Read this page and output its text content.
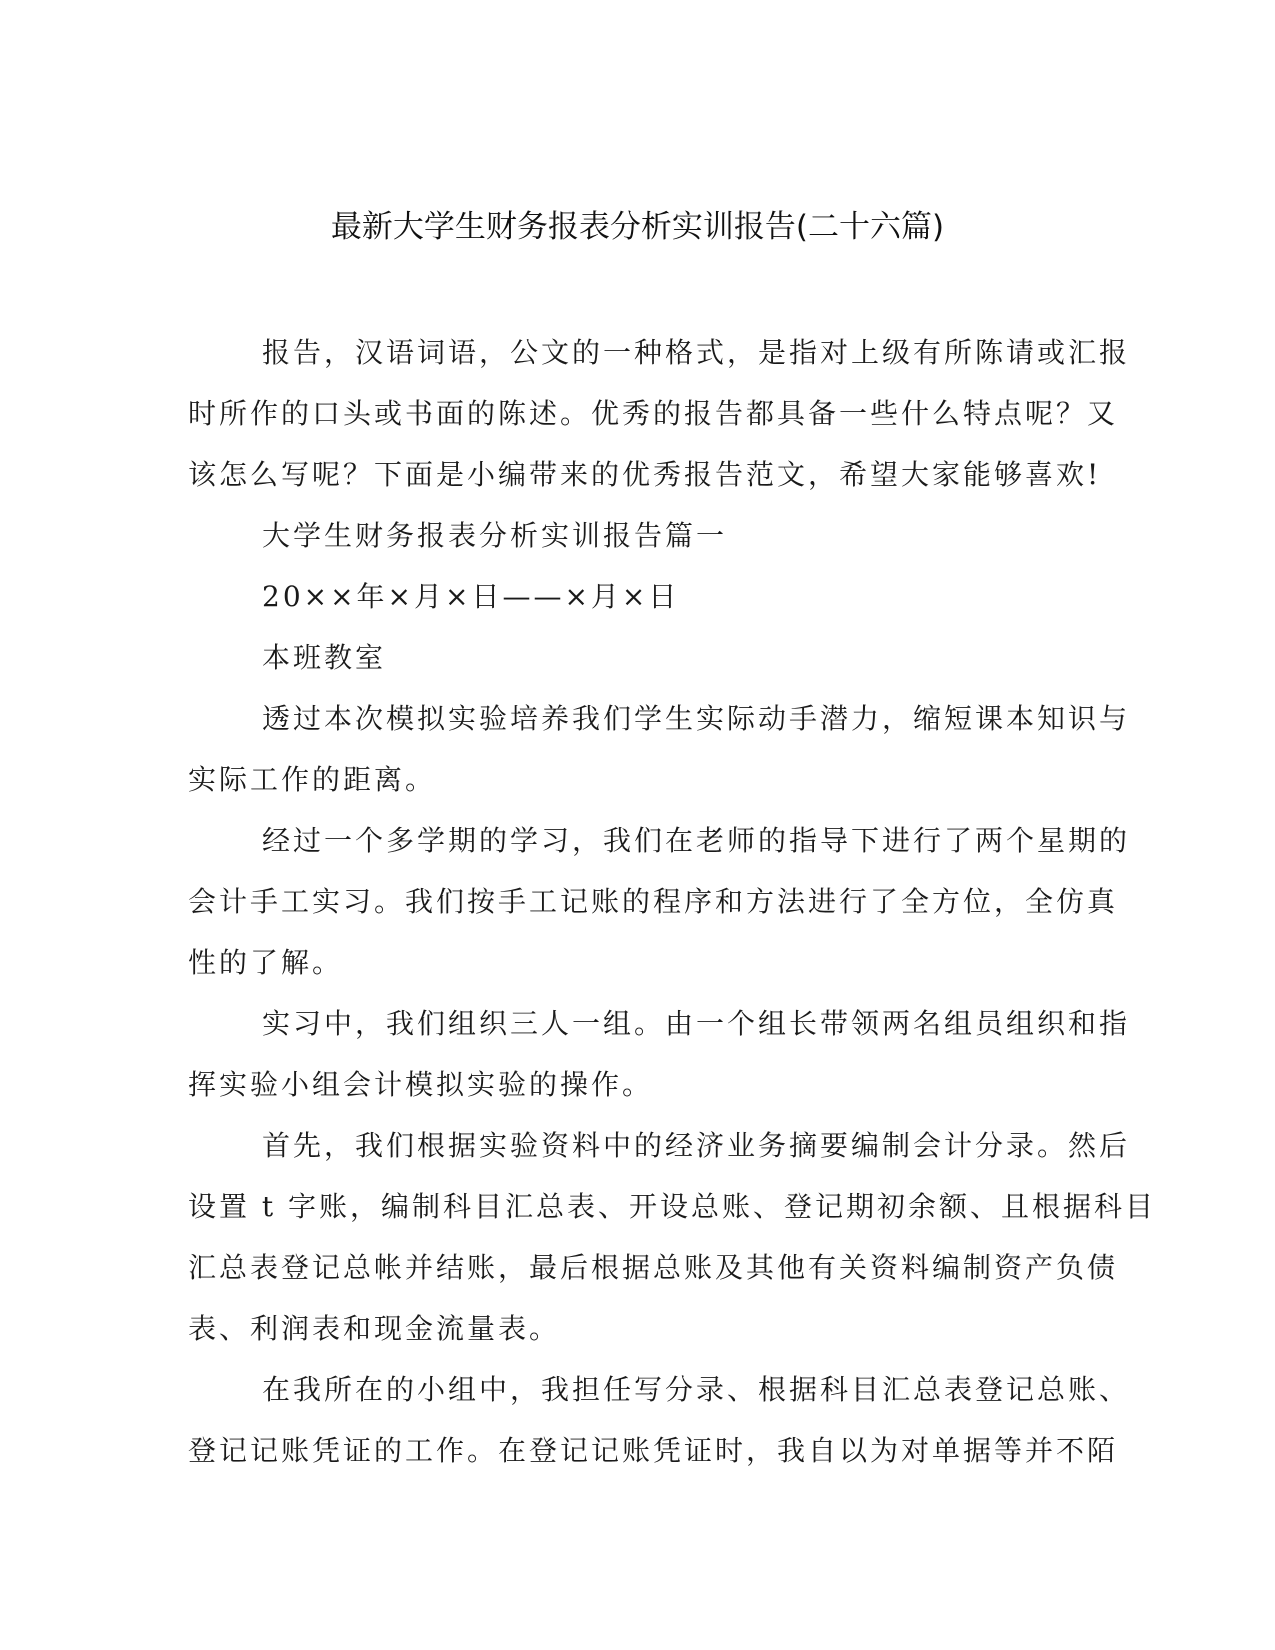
最新大学生财务报表分析实训报告(二十六篇)
报告，汉语词语，公文的一种格式，是指对上级有所陈请或汇报
时所作的口头或书面的陈述。优秀的报告都具备一些什么特点呢？又
该怎么写呢？下面是小编带来的优秀报告范文，希望大家能够喜欢!
大学生财务报表分析实训报告篇一
20××年×月×日——×月×日
本班教室
透过本次模拟实验培养我们学生实际动手潜力，缩短课本知识与
实际工作的距离。
经过一个多学期的学习，我们在老师的指导下进行了两个星期的
会计手工实习。我们按手工记账的程序和方法进行了全方位，全仿真
性的了解。
实习中，我们组织三人一组。由一个组长带领两名组员组织和指
挥实验小组会计模拟实验的操作。
首先，我们根据实验资料中的经济业务摘要编制会计分录。然后
设置 t 字账，编制科目汇总表、开设总账、登记期初余额、且根据科目
汇总表登记总帐并结账，最后根据总账及其他有关资料编制资产负债
表、利润表和现金流量表。
在我所在的小组中，我担任写分录、根据科目汇总表登记总账、
登记记账凭证的工作。在登记记账凭证时，我自以为对单据等并不陌
